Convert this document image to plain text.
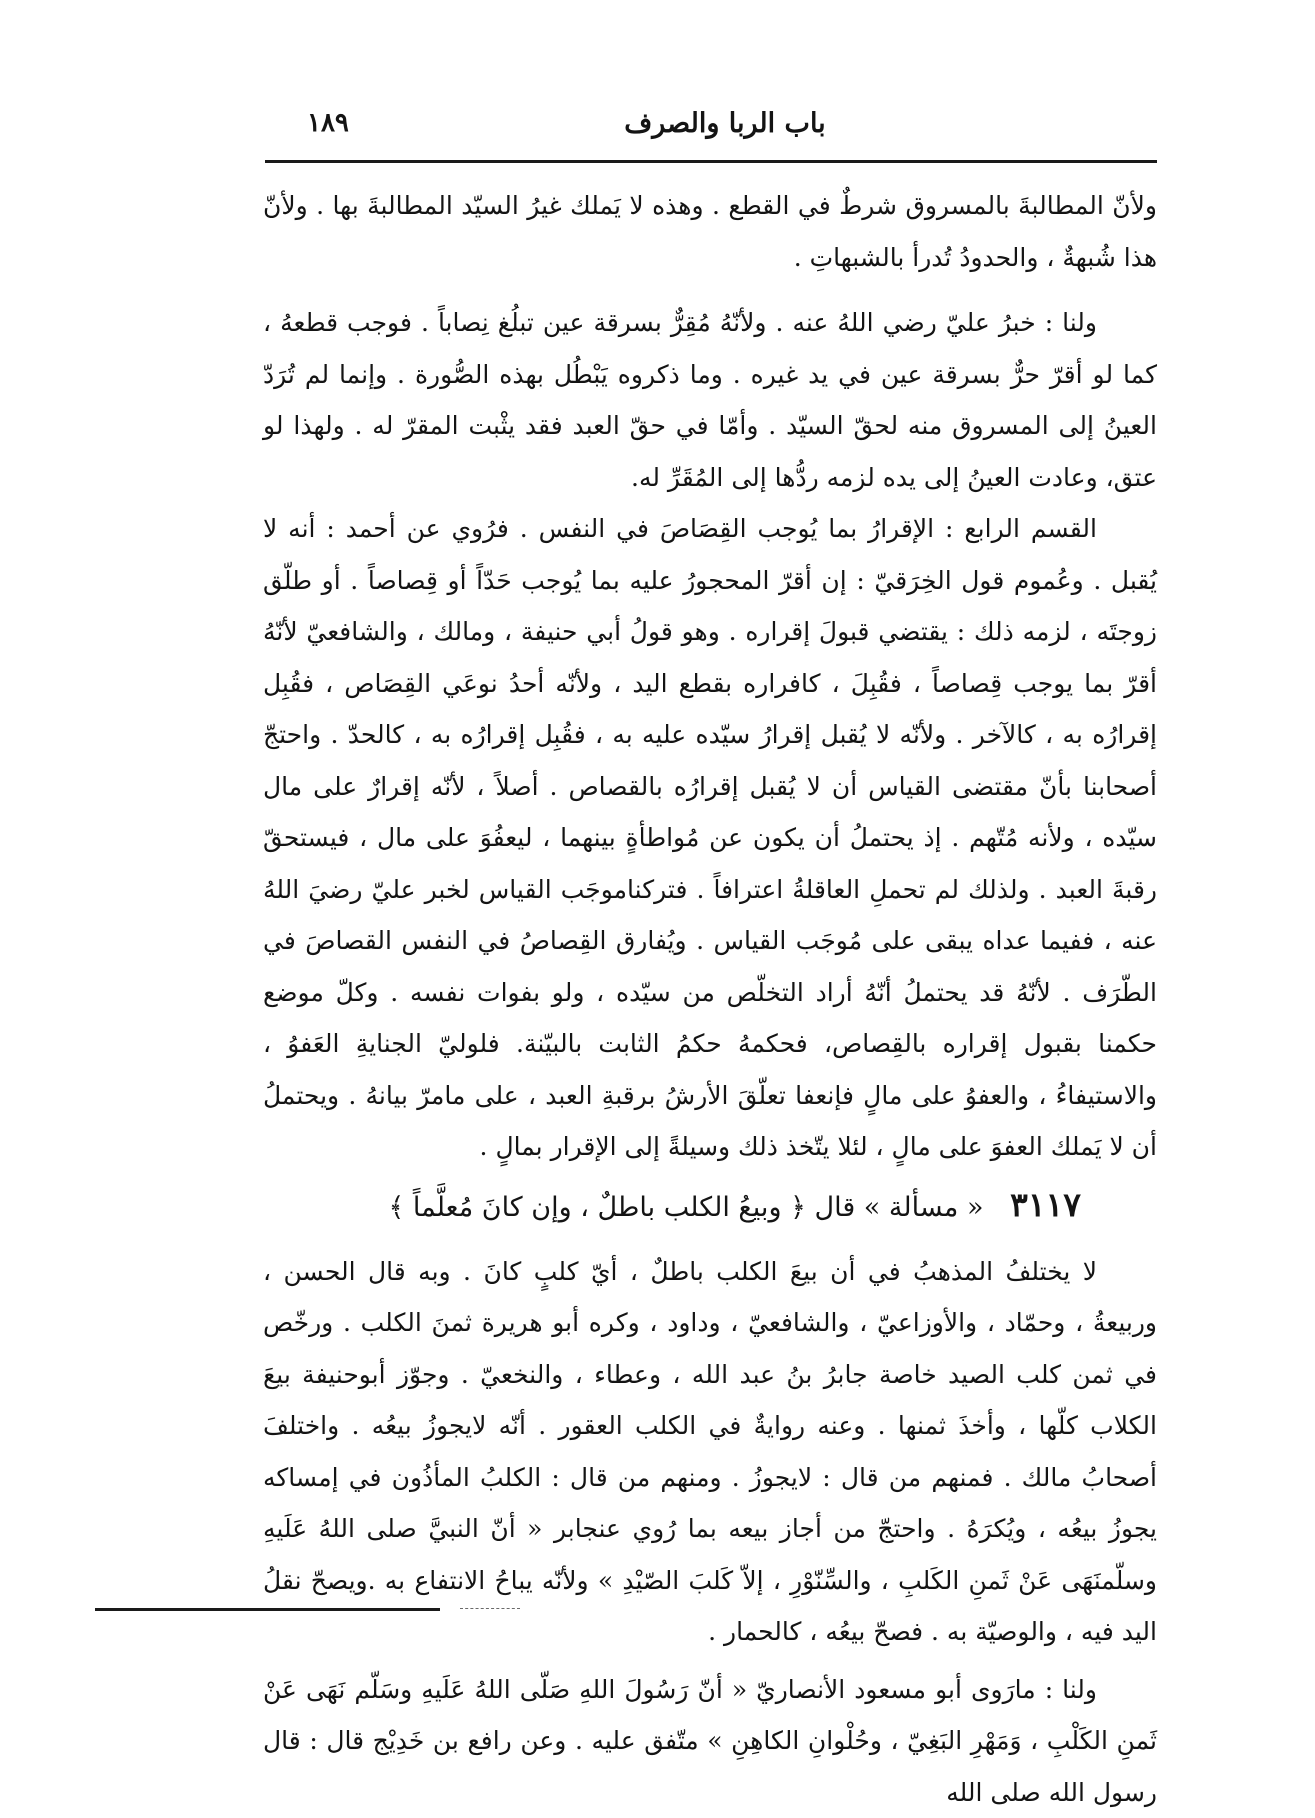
١٨٩	باب الربا والصرف

ولأنّ المطالبةَ بالمسروق شرطٌ في القطع . وهذه لا يَملك غيرُ السيّد المطالبةَ بها . ولأنّ هذا شُبهةٌ ، والحدودُ تُدرأ بالشبهاتِ .

ولنا : خبرُ عليّ رضي اللهُ عنه . ولأنّهُ مُقِرٌّ بسرقة عين تبلُغ نِصاباً . فوجب قطعهُ ، كما لو أقرّ حرٌّ بسرقة عين في يد غيره . وما ذكروه يَبْطُل بهذه الصُّورة . وإنما لم تُرَدّ العينُ إلى المسروق منه لحقّ السيّد . وأمّا في حقّ العبد فقد يثْبت المقرّ له . ولهذا لو عتق، وعادت العينُ إلى يده لزمه ردُّها إلى المُقَرِّ له.

القسم الرابع : الإقرارُ بما يُوجب القِصَاصَ في النفس . فرُوي عن أحمد : أنه لا يُقبل . وعُموم قول الخِرَقيّ : إن أقرّ المحجورُ عليه بما يُوجب حَدّاً أو قِصاصاً . أو طلّق زوجتَه ، لزمه ذلك : يقتضي قبولَ إقراره . وهو قولُ أبي حنيفة ، ومالك ، والشافعيّ لأنّهُ أقرّ بما يوجب قِصاصاً ، فقُبِلَ ، كافراره بقطع اليد ، ولأنّه أحدُ نوعَي القِصَاص ، فقُبِل إقرارُه به ، كالآخر . ولأنّه لا يُقبل إقرارُ سيّده عليه به ، فقُبِل إقرارُه به ، كالحدّ . واحتجّ أصحابنا بأنّ مقتضى القياس أن لا يُقبل إقرارُه بالقصاص . أصلاً ، لأنّه إقرارٌ على مال سيّده ، ولأنه مُتّهم . إذ يحتملُ أن يكون عن مُواطأةٍ بينهما ، ليعفُوَ على مال ، فيستحقّ رقبةَ العبد . ولذلك لم تحملِ العاقلةُ اعترافاً . فتركناموجَب القياس لخبر عليّ رضيَ اللهُ عنه ، ففيما عداه يبقى على مُوجَب القياس . ويُفارق القِصاصُ في النفس القصاصَ في الطّرَف . لأنّهُ قد يحتملُ أنّهُ أراد التخلّص من سيّده ، ولو بفوات نفسه . وكلّ موضع حكمنا بقبول إقراره بالقِصاص، فحكمهُ حكمُ الثابت بالبيّنة. فلوليّ الجنايةِ العَفوُ ، والاستيفاءُ ، والعفوُ على مالٍ فإنعفا تعلّقَ الأرشُ برقبةِ العبد ، على مامرّ بيانهُ . ويحتملُ أن لا يَملك العفوَ على مالٍ ، لئلا يتّخذ ذلك وسيلةً إلى الإقرار بمالٍ .

٣١١٧ « مسألة » قال ﴿ وبيعُ الكلب باطلٌ ، وإن كانَ مُعلَّماً ﴾

لا يختلفُ المذهبُ في أن بيعَ الكلب باطلٌ ، أيّ كلبٍ كانَ . وبه قال الحسن ، وربيعةُ ، وحمّاد ، والأوزاعيّ ، والشافعيّ ، وداود ، وكره أبو هريرة ثمنَ الكلب . ورخّص في ثمن كلب الصيد خاصة جابرُ بنُ عبد الله ، وعطاء ، والنخعيّ . وجوّز أبوحنيفة بيعَ الكلاب كلّها ، وأخذَ ثمنها . وعنه روايةٌ في الكلب العقور . أنّه لايجوزُ بيعُه . واختلفَ أصحابُ مالك . فمنهم من قال : لايجوزُ . ومنهم من قال : الكلبُ المأذُون في إمساكه يجوزُ بيعُه ، ويُكرَهُ . واحتجّ من أجاز بيعه بما رُوي عنجابر « أنّ النبيَّ صلى اللهُ عَلَيهِ وسلّمنَهَى عَنْ ثَمنِ الكَلبِ ، والسِّنّوْرِ ، إلاّ كَلبَ الصّيْدِ » ولأنّه يباحُ الانتفاع به .ويصحّ نقلُ اليد فيه ، والوصيّة به . فصحّ بيعُه ، كالحمار .

ولنا : مارَوى أبو مسعود الأنصاريّ « أنّ رَسُولَ اللهِ صَلّى اللهُ عَلَيهِ وسَلّم نَهَى عَنْ ثَمنِ الكَلْبِ ، وَمَهْرِ البَغِيّ ، وحُلْوانِ الكاهِنِ » متّفق عليه . وعن رافع بن خَدِيْج قال : قال رسول الله صلى الله
